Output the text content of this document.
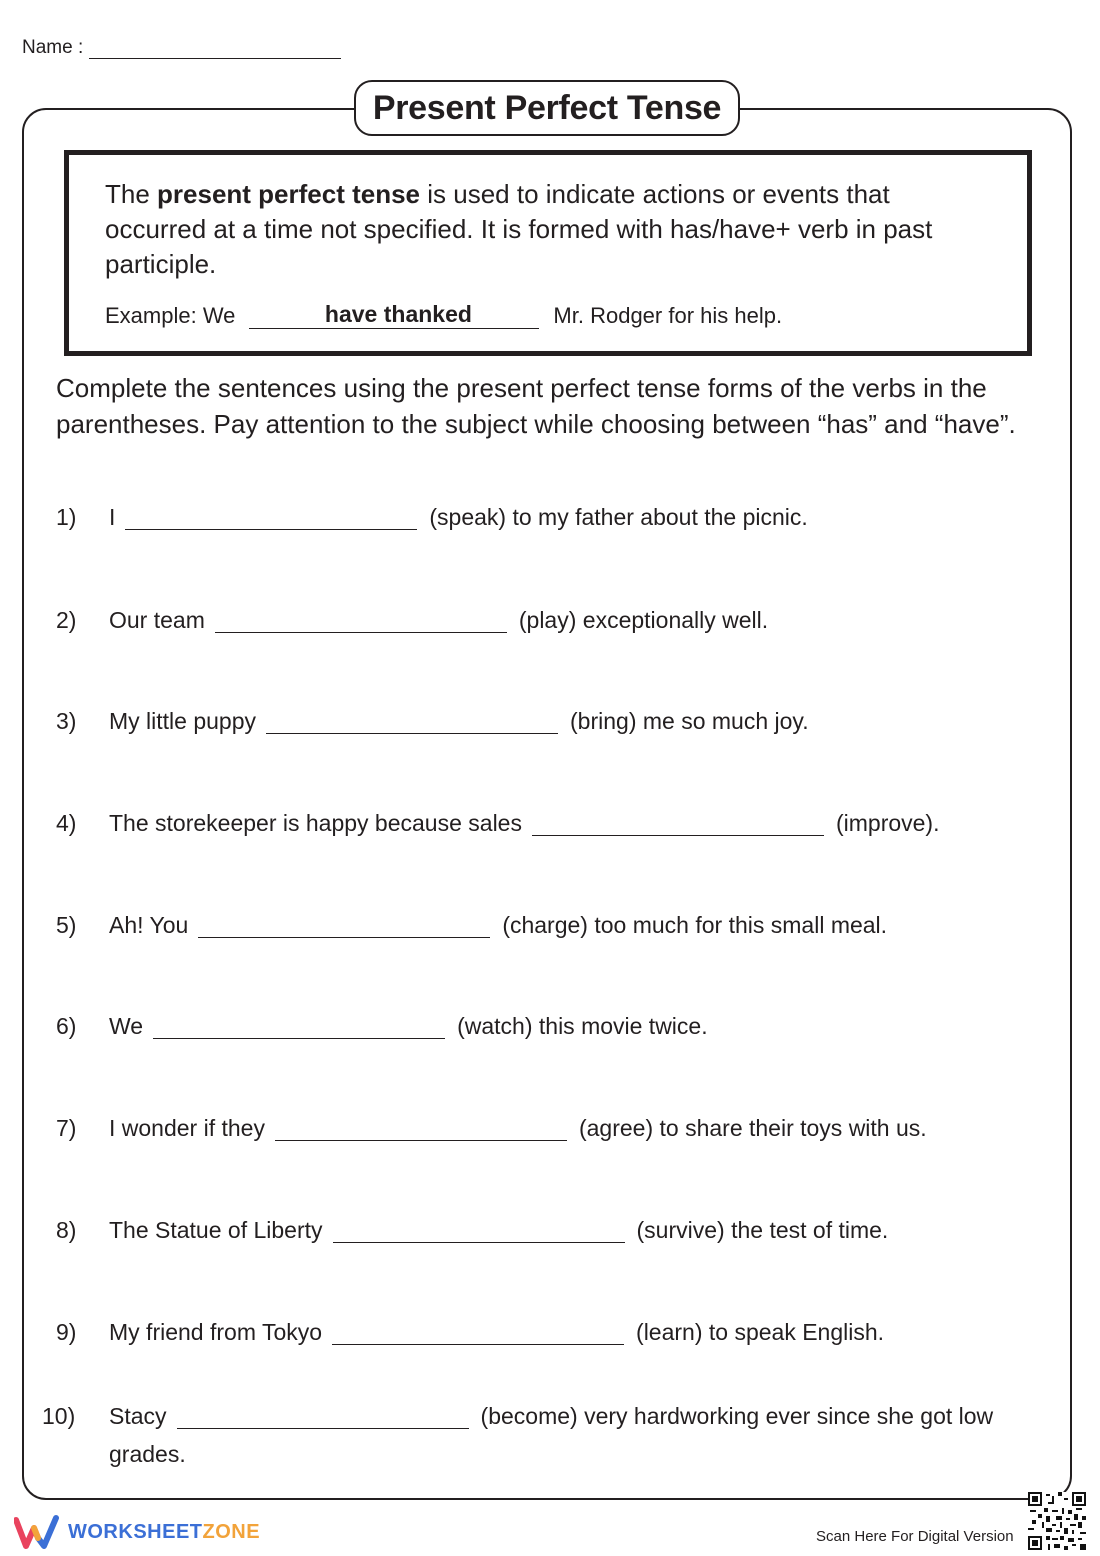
Name :
Present Perfect Tense
The present perfect tense is used to indicate actions or events that occurred at a time not specified. It is formed with has/have+ verb in past participle.
Example: We	have thanked	Mr. Rodger for his help.
Complete the sentences using the present perfect tense forms of the verbs in the parentheses. Pay attention to the subject while choosing between “has” and “have”.
1) I	(speak) to my father about the picnic.
2) Our team	(play) exceptionally well.
3) My little puppy	(bring) me so much joy.
4) The storekeeper is happy because sales	(improve).
5) Ah! You	(charge) too much for this small meal.
6) We	(watch) this movie twice.
7) I wonder if they	(agree) to share their toys with us.
8) The Statue of Liberty	(survive) the test of time.
9) My friend from Tokyo	(learn) to speak English.
10) Stacy	(become) very hardworking ever since she got low grades.
WORKSHEETZONE	Scan Here For Digital Version
